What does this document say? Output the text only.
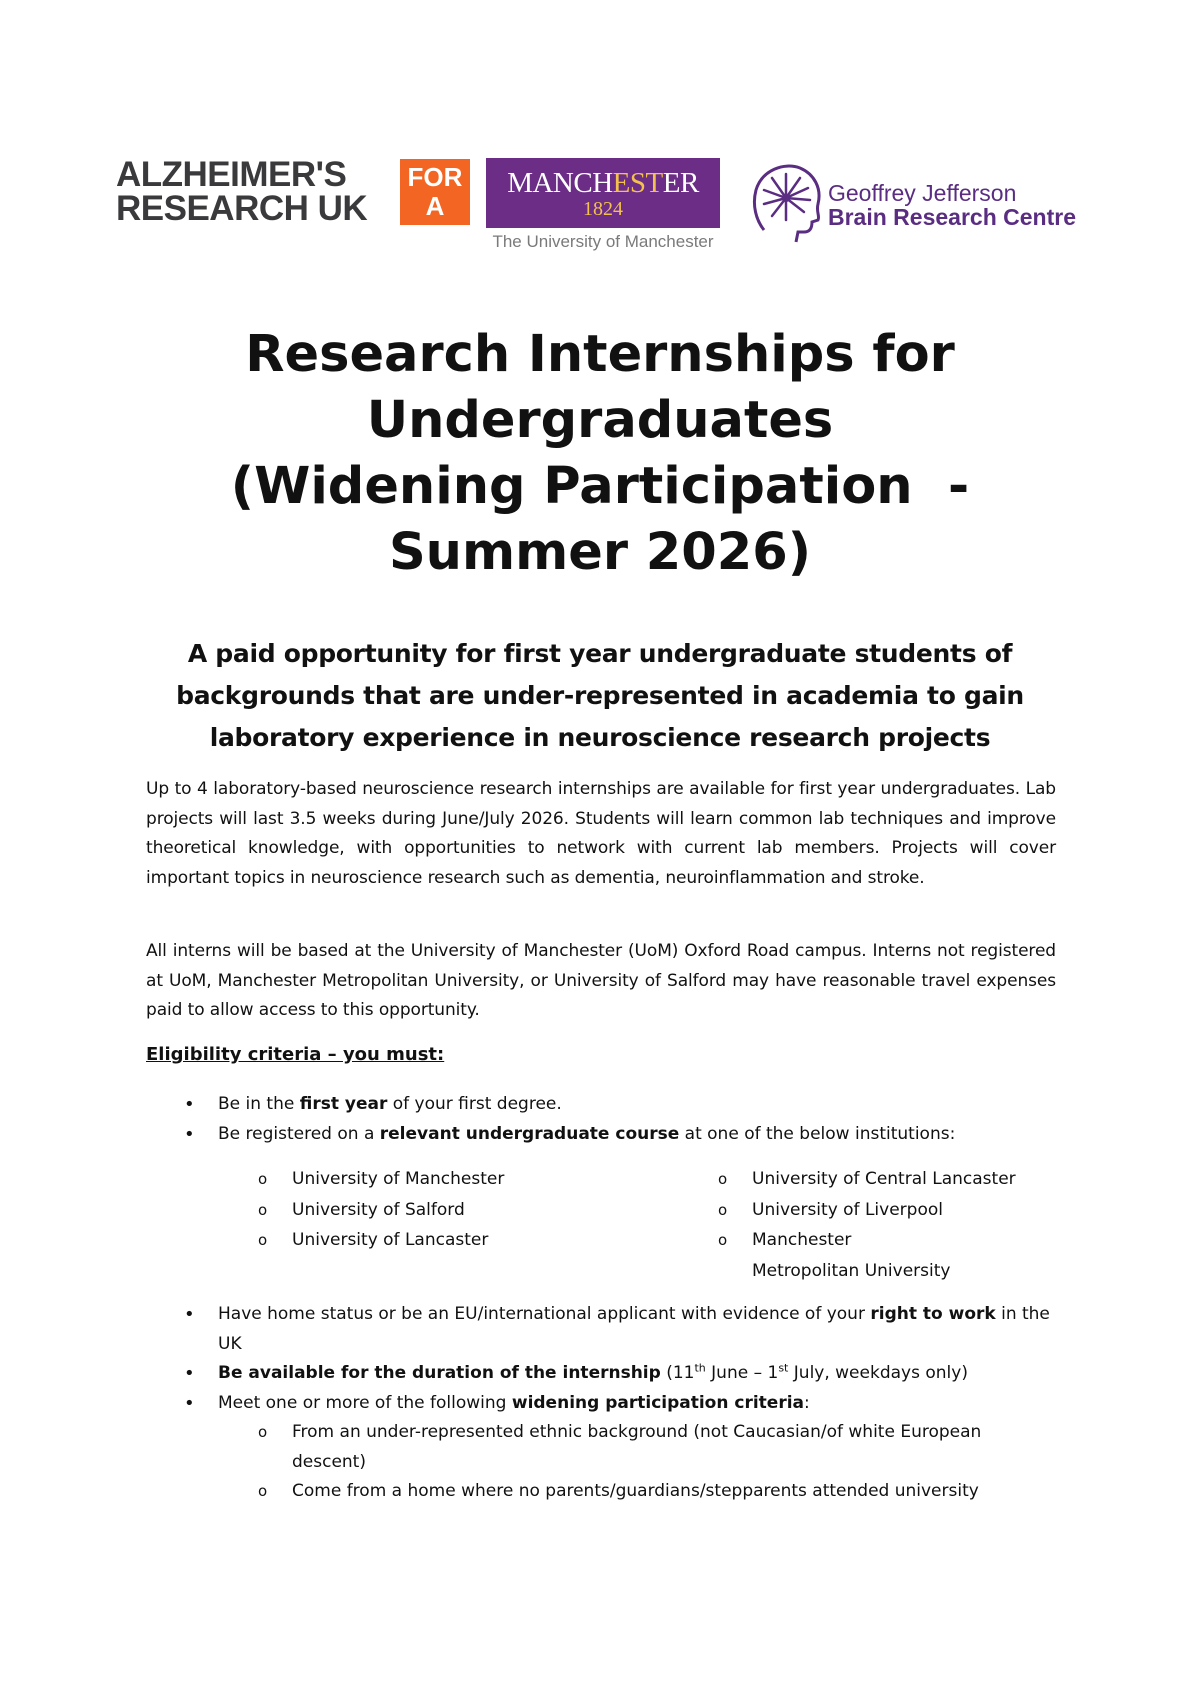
ALZHEIMER'S
RESEARCH UK
FOR A
CURE
MANCHESTER
1824
The University of Manchester
Geoffrey Jefferson
Brain Research Centre
Research Internships for
Undergraduates
(Widening Participation  -
Summer 2026)
A paid opportunity for first year undergraduate students of backgrounds that are under-represented in academia to gain laboratory experience in neuroscience research projects

Up to 4 laboratory-based neuroscience research internships are available for first year undergraduates. Lab projects will last 3.5 weeks during June/July 2026. Students will learn common lab techniques and improve theoretical knowledge, with opportunities to network with current lab members. Projects will cover important topics in neuroscience research such as dementia, neuroinflammation and stroke.

All interns will be based at the University of Manchester (UoM) Oxford Road campus. Interns not registered at UoM, Manchester Metropolitan University, or University of Salford may have reasonable travel expenses paid to allow access to this opportunity.

Eligibility criteria – you must:

• Be in the first year of your first degree.
• Be registered on a relevant undergraduate course at one of the below institutions:
o University of Manchester
o University of Salford
o University of Lancaster
o University of Central Lancaster
o University of Liverpool
o Manchester Metropolitan University
• Have home status or be an EU/international applicant with evidence of your right to work in the UK
• Be available for the duration of the internship (11th June – 1st July, weekdays only)
• Meet one or more of the following widening participation criteria:
o From an under-represented ethnic background (not Caucasian/of white European descent)
o Come from a home where no parents/guardians/stepparents attended university
